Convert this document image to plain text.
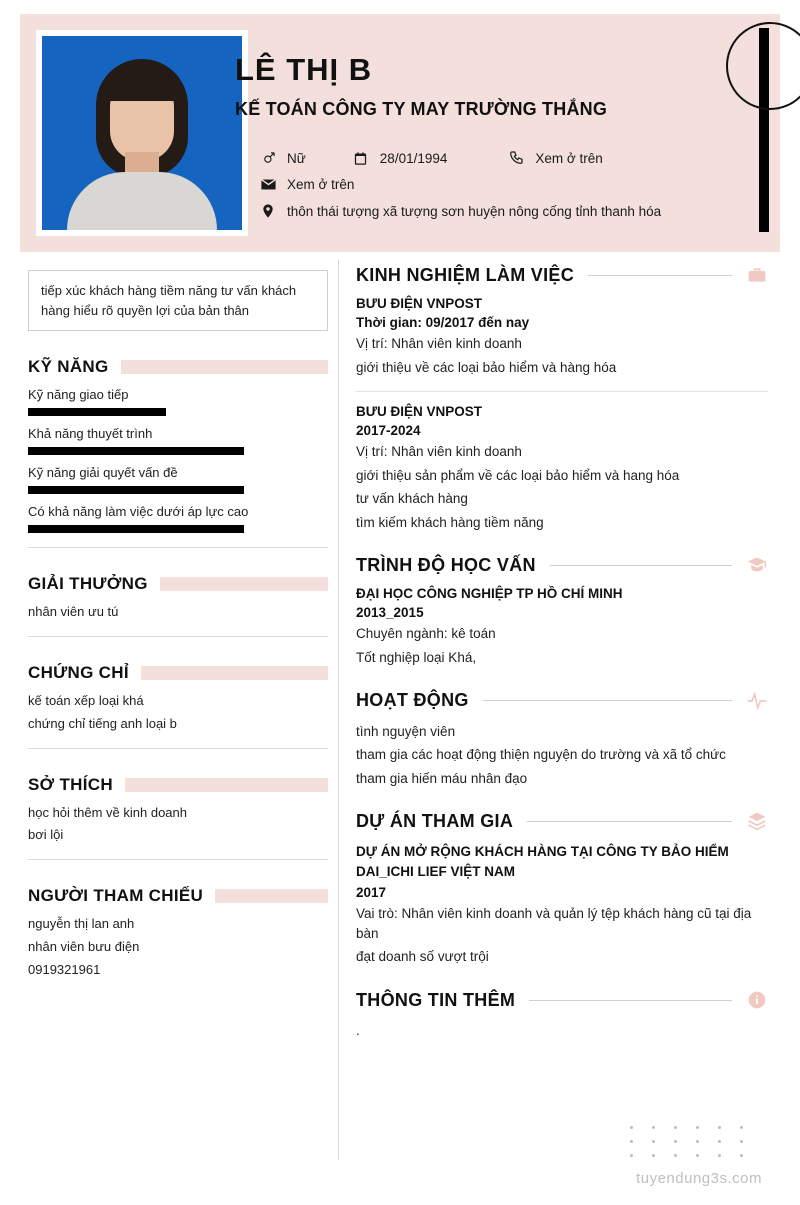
LÊ THỊ B
KẾ TOÁN CÔNG TY MAY TRƯỜNG THẮNG
Nữ	28/01/1994	Xem ở trên
Xem ở trên
thôn thái tượng xã tượng sơn huyện nông cống tỉnh thanh hóa
tiếp xúc khách hàng tiềm năng tư vấn khách hàng hiểu rõ quyền lợi của bản thân
KỸ NĂNG
Kỹ năng giao tiếp
Khả năng thuyết trình
Kỹ năng giải quyết vấn đề
Có khả năng làm việc dưới áp lực cao
GIẢI THƯỞNG
nhân viên ưu tú
CHỨNG CHỈ
kế toán xếp loại khá
chứng chỉ tiếng anh loại b
SỞ THÍCH
học hỏi thêm về kinh doanh
bơi lội
NGƯỜI THAM CHIẾU
nguyễn thị lan anh
nhân viên bưu điện
0919321961
KINH NGHIỆM LÀM VIỆC
BƯU ĐIỆN VNPOST
Thời gian: 09/2017 đến nay
Vị trí: Nhân viên kinh doanh
giới thiệu về các loại bảo hiểm và hàng hóa
BƯU ĐIỆN VNPOST
2017-2024
Vị trí: Nhân viên kinh doanh
giới thiệu sản phẩm về các loại bảo hiểm và hang hóa
tư vấn khách hàng
tìm kiếm khách hàng tiềm năng
TRÌNH ĐỘ HỌC VẤN
ĐẠI HỌC CÔNG NGHIỆP TP HỒ CHÍ MINH
2013_2015
Chuyên ngành: kê toán
Tốt nghiệp loại Khá,
HOẠT ĐỘNG
tình nguyện viên
tham gia các hoạt động thiện nguyện do trường và xã tổ chức
tham gia hiến máu nhân đạo
DỰ ÁN THAM GIA
DỰ ÁN MỞ RỘNG KHÁCH HÀNG TẠI CÔNG TY BẢO HIỂM DAI_ICHI LIEF VIỆT NAM
2017
Vai trò: Nhân viên kinh doanh và quản lý tệp khách hàng cũ tại địa bàn
đạt doanh số vượt trội
THÔNG TIN THÊM
.
tuyendung3s.com
